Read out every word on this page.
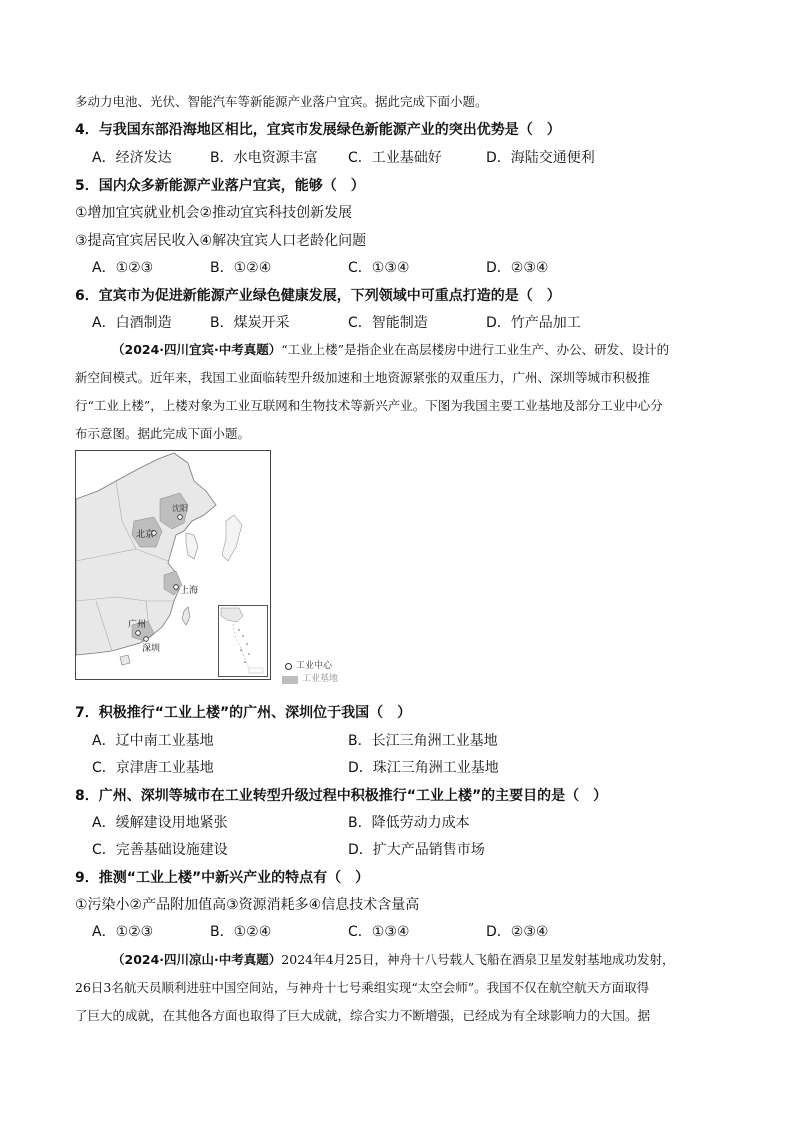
多动力电池、光伏、智能汽车等新能源产业落户宜宾。据此完成下面小题。
4．与我国东部沿海地区相比，宜宾市发展绿色新能源产业的突出优势是（　）
A．经济发达	B．水电资源丰富 C．工业基础好	D．海陆交通便利
5．国内众多新能源产业落户宜宾，能够（　）
①增加宜宾就业机会②推动宜宾科技创新发展
③提高宜宾居民收入④解决宜宾人口老龄化问题
A．①②③	B．①②④	C．①③④	D．②③④
6．宜宾市为促进新能源产业绿色健康发展，下列领域中可重点打造的是（　）
A．白酒制造	B．煤炭开采	C．智能制造	D．竹产品加工
（2024·四川宜宾·中考真题）“工业上楼”是指企业在高层楼房中进行工业生产、办公、研发、设计的
新空间模式。近年来，我国工业面临转型升级加速和土地资源紧张的双重压力，广州、深圳等城市积极推
行“工业上楼”，上楼对象为工业互联网和生物技术等新兴产业。下图为我国主要工业基地及部分工业中心分
布示意图。据此完成下面小题。
沈阳
北京
上海
广州
深圳
工业中心
工业基地
7．积极推行“工业上楼”的广州、深圳位于我国（　）
A．辽中南工业基地	B．长江三角洲工业基地
C．京津唐工业基地	D．珠江三角洲工业基地
8．广州、深圳等城市在工业转型升级过程中积极推行“工业上楼”的主要目的是（　）
A．缓解建设用地紧张	B．降低劳动力成本
C．完善基础设施建设	D．扩大产品销售市场
9．推测“工业上楼”中新兴产业的特点有（　）
①污染小②产品附加值高③资源消耗多④信息技术含量高
A．①②③	B．①②④	C．①③④	D．②③④
（2024·四川凉山·中考真题）2024年4月25日，神舟十八号载人飞船在酒泉卫星发射基地成功发射，
26日3名航天员顺利进驻中国空间站，与神舟十七号乘组实现“太空会师”。我国不仅在航空航天方面取得
了巨大的成就，在其他各方面也取得了巨大成就，综合实力不断增强，已经成为有全球影响力的大国。据
